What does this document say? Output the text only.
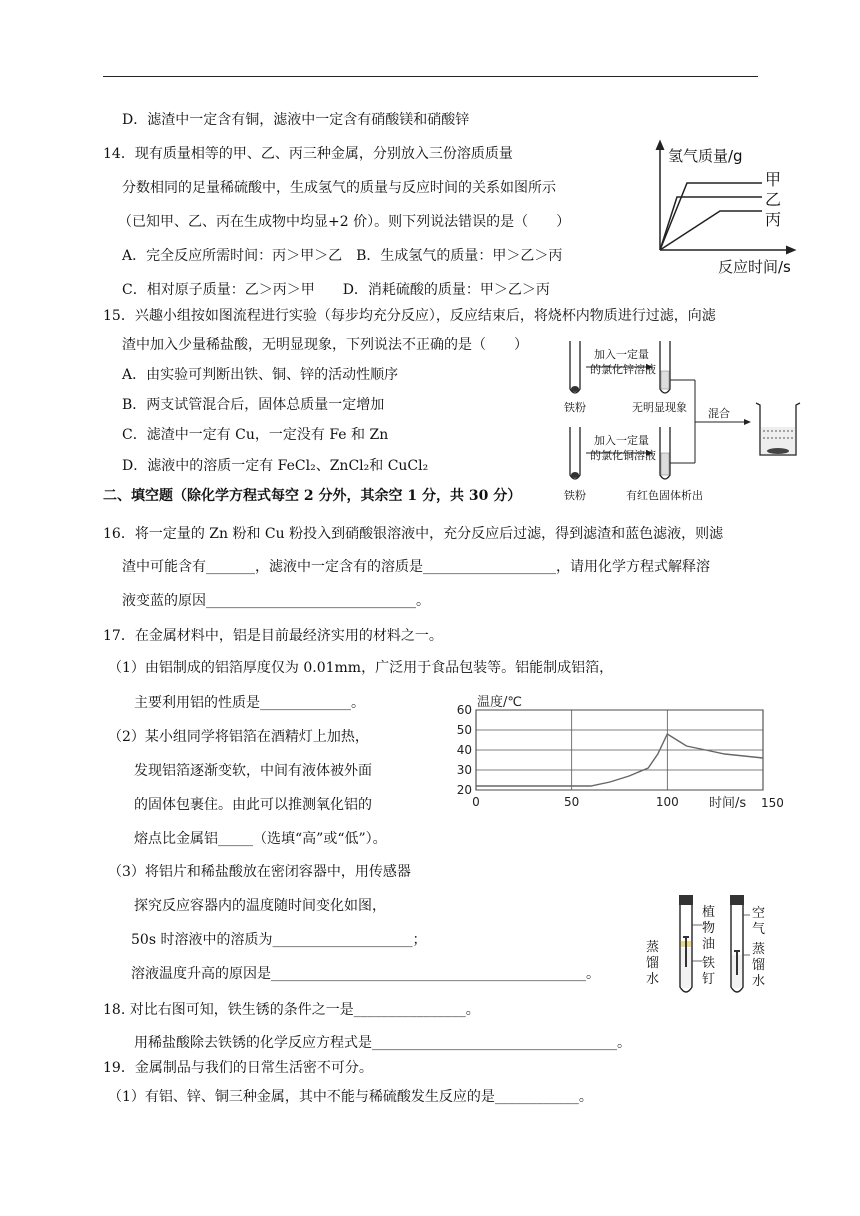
D．滤渣中一定含有铜，滤液中一定含有硝酸镁和硝酸锌
14．现有质量相等的甲、乙、丙三种金属，分别放入三份溶质质量
分数相同的足量稀硫酸中，生成氢气的质量与反应时间的关系如图所示
（已知甲、乙、丙在生成物中均显+2 价）。则下列说法错误的是（　　）
A．完全反应所需时间：丙＞甲＞乙　B．生成氢气的质量：甲＞乙＞丙
C．相对原子质量：乙＞丙＞甲　　D．消耗硫酸的质量：甲＞乙＞丙
15．兴趣小组按如图流程进行实验（每步均充分反应），反应结束后，将烧杯内物质进行过滤，向滤
渣中加入少量稀盐酸，无明显现象，下列说法不正确的是（　　）
A．由实验可判断出铁、铜、锌的活动性顺序
B．两支试管混合后，固体总质量一定增加
C．滤渣中一定有 Cu，一定没有 Fe 和 Zn
D．滤液中的溶质一定有 FeCl₂、ZnCl₂和 CuCl₂
二、填空题（除化学方程式每空 2 分外，其余空 1 分，共 30 分）
16．将一定量的 Zn 粉和 Cu 粉投入到硝酸银溶液中，充分反应后过滤，得到滤渣和蓝色滤液，则滤
渣中可能含有_______，滤液中一定含有的溶质是___________________，请用化学方程式解释溶
液变蓝的原因______________________________。
17．在金属材料中，铝是目前最经济实用的材料之一。
（1）由铝制成的铝箔厚度仅为 0.01mm，广泛用于食品包装等。铝能制成铝箔，
主要利用铝的性质是_____________。
（2）某小组同学将铝箔在酒精灯上加热，
发现铝箔逐渐变软，中间有液体被外面
的固体包裹住。由此可以推测氧化铝的
熔点比金属铝_____（选填“高”或“低”）。
（3）将铝片和稀盐酸放在密闭容器中，用传感器
探究反应容器内的温度随时间变化如图，
50s 时溶液中的溶质为____________________；
溶液温度升高的原因是_____________________________________________。
18. 对比右图可知，铁生锈的条件之一是________________。
用稀盐酸除去铁锈的化学反应方程式是___________________________________。
19．金属制品与我们的日常生活密不可分。
（1）有铝、锌、铜三种金属，其中不能与稀硫酸发生反应的是____________。
氢气质量/g
反应时间/s
甲
乙
丙
加入一定量
的氯化锌溶液
铁粉	无明显现象 混合
加入一定量
的氯化铜溶液
铁粉	有红色固体析出
60
50
40
30
20
0	50	100
温度/℃
时间/s 150
植
物
油
铁
钉
蒸
馏
水
空
气
蒸
馏
水
